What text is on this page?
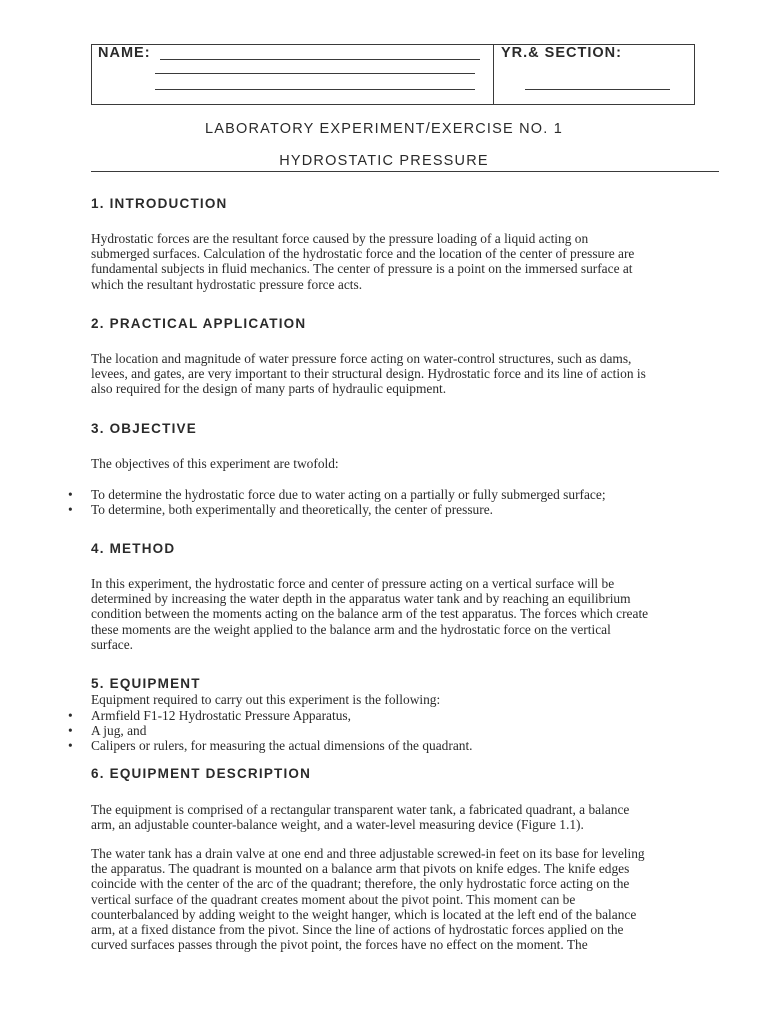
NAME:	YR.& SECTION:
LABORATORY EXPERIMENT/EXERCISE NO. 1
HYDROSTATIC PRESSURE
1. INTRODUCTION
Hydrostatic forces are the resultant force caused by the pressure loading of a liquid acting on
submerged surfaces. Calculation of the hydrostatic force and the location of the center of pressure are
fundamental subjects in fluid mechanics. The center of pressure is a point on the immersed surface at
which the resultant hydrostatic pressure force acts.
2. PRACTICAL APPLICATION
The location and magnitude of water pressure force acting on water-control structures, such as dams,
levees, and gates, are very important to their structural design. Hydrostatic force and its line of action is
also required for the design of many parts of hydraulic equipment.
3. OBJECTIVE
The objectives of this experiment are twofold:
•	To determine the hydrostatic force due to water acting on a partially or fully submerged surface;
•	To determine, both experimentally and theoretically, the center of pressure.
4. METHOD
In this experiment, the hydrostatic force and center of pressure acting on a vertical surface will be
determined by increasing the water depth in the apparatus water tank and by reaching an equilibrium
condition between the moments acting on the balance arm of the test apparatus. The forces which create
these moments are the weight applied to the balance arm and the hydrostatic force on the vertical
surface.
5. EQUIPMENT
Equipment required to carry out this experiment is the following:
•	Armfield F1-12 Hydrostatic Pressure Apparatus,
•	A jug, and
•	Calipers or rulers, for measuring the actual dimensions of the quadrant.
6. EQUIPMENT DESCRIPTION
The equipment is comprised of a rectangular transparent water tank, a fabricated quadrant, a balance
arm, an adjustable counter-balance weight, and a water-level measuring device (Figure 1.1).
The water tank has a drain valve at one end and three adjustable screwed-in feet on its base for leveling
the apparatus. The quadrant is mounted on a balance arm that pivots on knife edges. The knife edges
coincide with the center of the arc of the quadrant; therefore, the only hydrostatic force acting on the
vertical surface of the quadrant creates moment about the pivot point. This moment can be
counterbalanced by adding weight to the weight hanger, which is located at the left end of the balance
arm, at a fixed distance from the pivot. Since the line of actions of hydrostatic forces applied on the
curved surfaces passes through the pivot point, the forces have no effect on the moment. The
